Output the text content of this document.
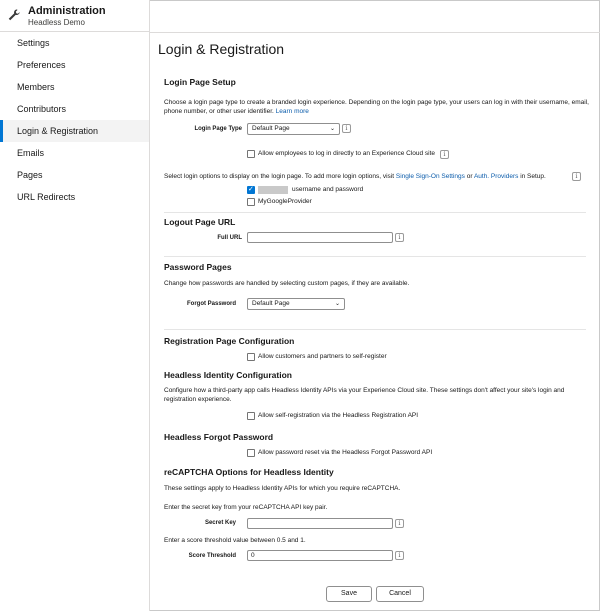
Administration
Headless Demo
Settings
Preferences
Members
Contributors
Login & Registration
Emails
Pages
URL Redirects
Login & Registration
Login Page Setup
Choose a login page type to create a branded login experience. Depending on the login page type, your users can log in with their username, email, phone number, or other user identifier. Learn more
Login Page Type	Default Page	⌄	i
Allow employees to log in directly to an Experience Cloud site	i
Select login options to display on the login page. To add more login options, visit Single Sign-On Settings or Auth. Providers in Setup.	i
✓
username and password
MyGoogleProvider
Logout Page URL
Full URL	i
Password Pages
Change how passwords are handled by selecting custom pages, if they are available.
Forgot Password	Default Page	⌄
Registration Page Configuration
Allow customers and partners to self-register
Headless Identity Configuration
Configure how a third-party app calls Headless Identity APIs via your Experience Cloud site. These settings don't affect your site's login and registration experience.
Allow self-registration via the Headless Registration API
Headless Forgot Password
Allow password reset via the Headless Forgot Password API
reCAPTCHA Options for Headless Identity
These settings apply to Headless Identity APIs for which you require reCAPTCHA.
Enter the secret key from your reCAPTCHA API key pair.
Secret Key	i
Enter a score threshold value between 0.5 and 1.
Score Threshold	0	i
Save	Cancel
